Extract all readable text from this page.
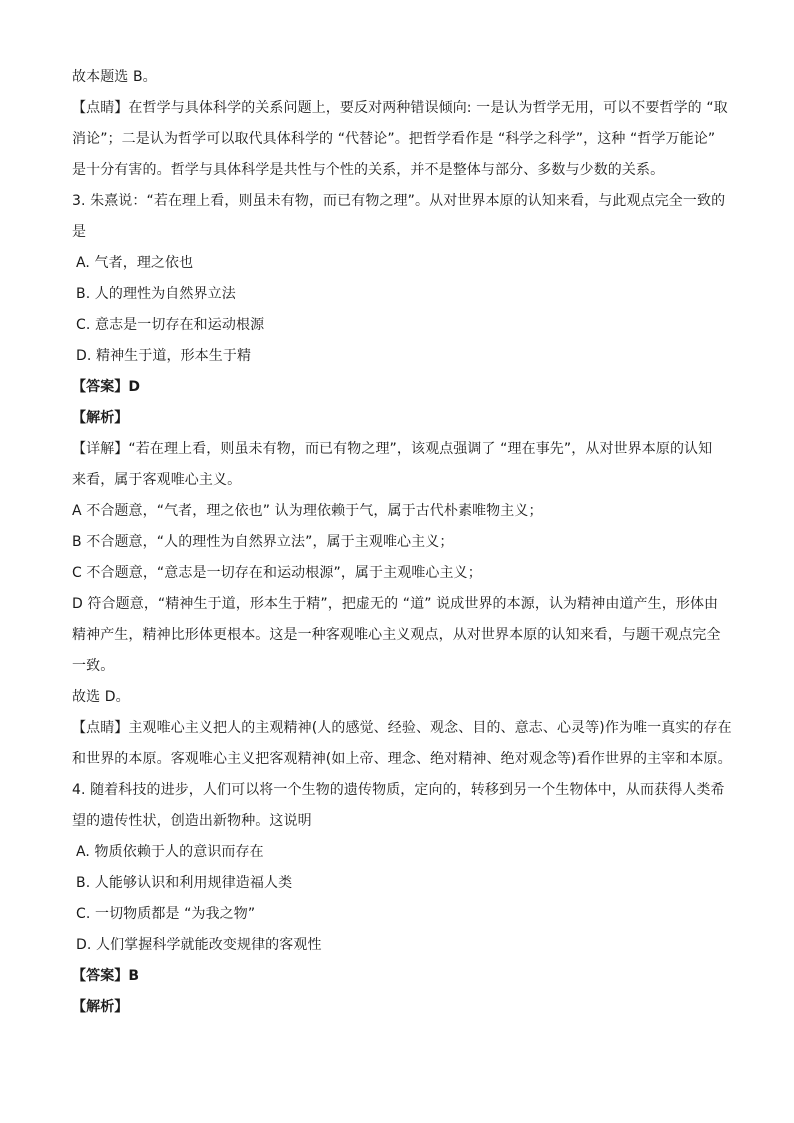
故本题选 B。
【点睛】在哲学与具体科学的关系问题上，要反对两种错误倾向: 一是认为哲学无用，可以不要哲学的 “取
消论”；二是认为哲学可以取代具体科学的 “代替论”。把哲学看作是 “科学之科学”，这种 “哲学万能论”
是十分有害的。哲学与具体科学是共性与个性的关系，并不是整体与部分、多数与少数的关系。
3. 朱熹说：“若在理上看，则虽未有物，而已有物之理”。从对世界本原的认知来看，与此观点完全一致的
是
A. 气者，理之依也
B. 人的理性为自然界立法
C. 意志是一切存在和运动根源
D. 精神生于道，形本生于精
【答案】D
【解析】
【详解】“若在理上看，则虽未有物，而已有物之理”，该观点强调了 “理在事先”，从对世界本原的认知
来看，属于客观唯心主义。
A 不合题意，“气者，理之依也” 认为理依赖于气，属于古代朴素唯物主义；
B 不合题意，“人的理性为自然界立法”，属于主观唯心主义；
C 不合题意，“意志是一切存在和运动根源”，属于主观唯心主义；
D 符合题意，“精神生于道，形本生于精”，把虚无的 “道” 说成世界的本源，认为精神由道产生，形体由
精神产生，精神比形体更根本。这是一种客观唯心主义观点，从对世界本原的认知来看，与题干观点完全
一致。
故选 D。
【点睛】主观唯心主义把人的主观精神(人的感觉、经验、观念、目的、意志、心灵等)作为唯一真实的存在
和世界的本原。客观唯心主义把客观精神(如上帝、理念、绝对精神、绝对观念等)看作世界的主宰和本原。
4. 随着科技的进步，人们可以将一个生物的遗传物质，定向的，转移到另一个生物体中，从而获得人类希
望的遗传性状，创造出新物种。这说明
A. 物质依赖于人的意识而存在
B. 人能够认识和利用规律造福人类
C. 一切物质都是 “为我之物”
D. 人们掌握科学就能改变规律的客观性
【答案】B
【解析】
